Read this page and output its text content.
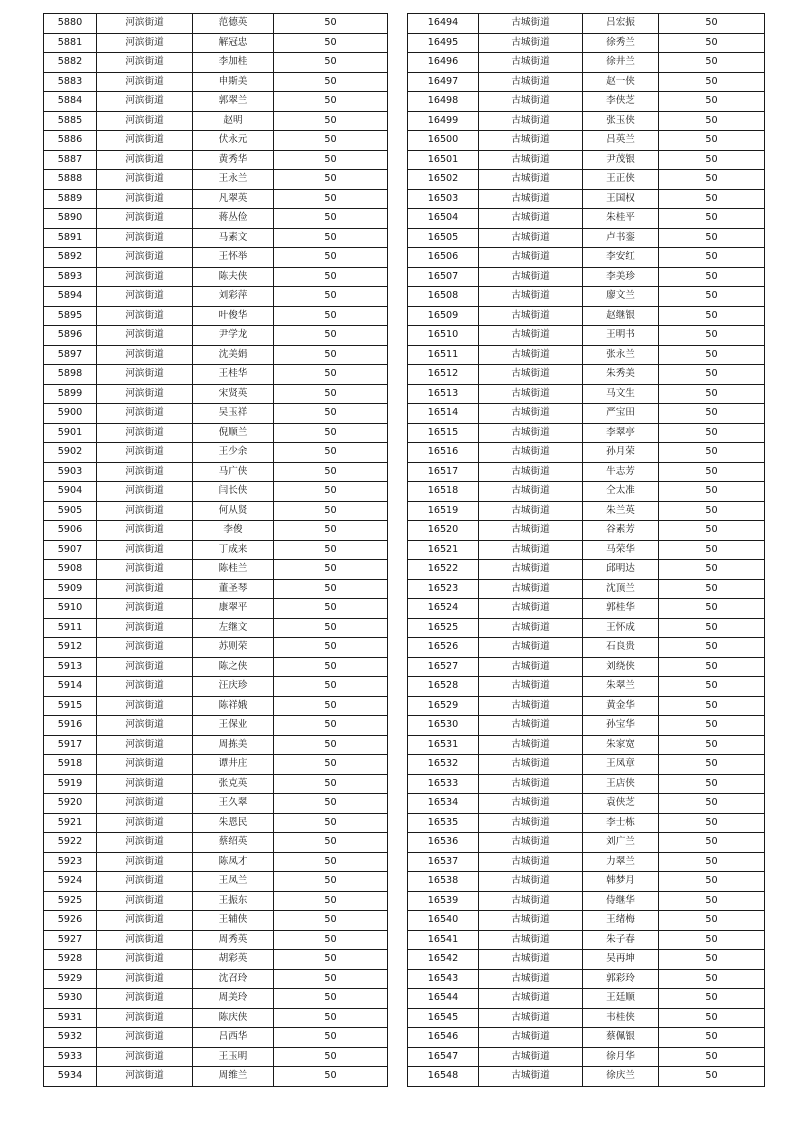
5880	河滨街道	范德英	50
5881	河滨街道	解冠忠	50
5882	河滨街道	李加桂	50
5883	河滨街道	申斯美	50
5884	河滨街道	郭翠兰	50
5885	河滨街道	赵明	50
5886	河滨街道	伏永元	50
5887	河滨街道	黄秀华	50
5888	河滨街道	王永兰	50
5889	河滨街道	凡翠英	50
5890	河滨街道	蒋丛俭	50
5891	河滨街道	马素文	50
5892	河滨街道	王怀举	50
5893	河滨街道	陈夫侠	50
5894	河滨街道	刘彩萍	50
5895	河滨街道	叶俊华	50
5896	河滨街道	尹学龙	50
5897	河滨街道	沈美娟	50
5898	河滨街道	王桂华	50
5899	河滨街道	宋贤英	50
5900	河滨街道	吴玉祥	50
5901	河滨街道	倪顺兰	50
5902	河滨街道	王少余	50
5903	河滨街道	马广侠	50
5904	河滨街道	闫长侠	50
5905	河滨街道	何从贤	50
5906	河滨街道	李俊	50
5907	河滨街道	丁成来	50
5908	河滨街道	陈桂兰	50
5909	河滨街道	董圣琴	50
5910	河滨街道	康翠平	50
5911	河滨街道	左继文	50
5912	河滨街道	苏则荣	50
5913	河滨街道	陈之侠	50
5914	河滨街道	汪庆珍	50
5915	河滨街道	陈祥娥	50
5916	河滨街道	王保业	50
5917	河滨街道	周拣美	50
5918	河滨街道	谭井庄	50
5919	河滨街道	张克英	50
5920	河滨街道	王久翠	50
5921	河滨街道	朱恩民	50
5922	河滨街道	蔡绍英	50
5923	河滨街道	陈凤才	50
5924	河滨街道	王凤兰	50
5925	河滨街道	王振东	50
5926	河滨街道	王辅侠	50
5927	河滨街道	周秀英	50
5928	河滨街道	胡彩英	50
5929	河滨街道	沈召玲	50
5930	河滨街道	周美玲	50
5931	河滨街道	陈庆侠	50
5932	河滨街道	吕西华	50
5933	河滨街道	王玉明	50
5934	河滨街道	周维兰	50
16494	古城街道	吕宏振	50
16495	古城街道	徐秀兰	50
16496	古城街道	徐井兰	50
16497	古城街道	赵一侠	50
16498	古城街道	李侠芝	50
16499	古城街道	张玉侠	50
16500	古城街道	吕英兰	50
16501	古城街道	尹茂银	50
16502	古城街道	王正侠	50
16503	古城街道	王国权	50
16504	古城街道	朱桂平	50
16505	古城街道	卢书銮	50
16506	古城街道	李安红	50
16507	古城街道	李美珍	50
16508	古城街道	廖文兰	50
16509	古城街道	赵继银	50
16510	古城街道	王明书	50
16511	古城街道	张永兰	50
16512	古城街道	朱秀美	50
16513	古城街道	马文生	50
16514	古城街道	严宝田	50
16515	古城街道	李翠亭	50
16516	古城街道	孙月荣	50
16517	古城街道	牛志芳	50
16518	古城街道	仝太准	50
16519	古城街道	朱兰英	50
16520	古城街道	谷素芳	50
16521	古城街道	马荣华	50
16522	古城街道	邱明达	50
16523	古城街道	沈顶兰	50
16524	古城街道	郭桂华	50
16525	古城街道	王怀成	50
16526	古城街道	石良贵	50
16527	古城街道	刘绕侠	50
16528	古城街道	朱翠兰	50
16529	古城街道	黄金华	50
16530	古城街道	孙宝华	50
16531	古城街道	朱家宽	50
16532	古城街道	王凤章	50
16533	古城街道	王店侠	50
16534	古城街道	袁侠芝	50
16535	古城街道	李士栋	50
16536	古城街道	刘广兰	50
16537	古城街道	力翠兰	50
16538	古城街道	韩梦月	50
16539	古城街道	侍继华	50
16540	古城街道	王绪梅	50
16541	古城街道	朱子春	50
16542	古城街道	吴再坤	50
16543	古城街道	郭彩玲	50
16544	古城街道	王廷顺	50
16545	古城街道	韦桂侠	50
16546	古城街道	蔡佩银	50
16547	古城街道	徐月华	50
16548	古城街道	徐庆兰	50
